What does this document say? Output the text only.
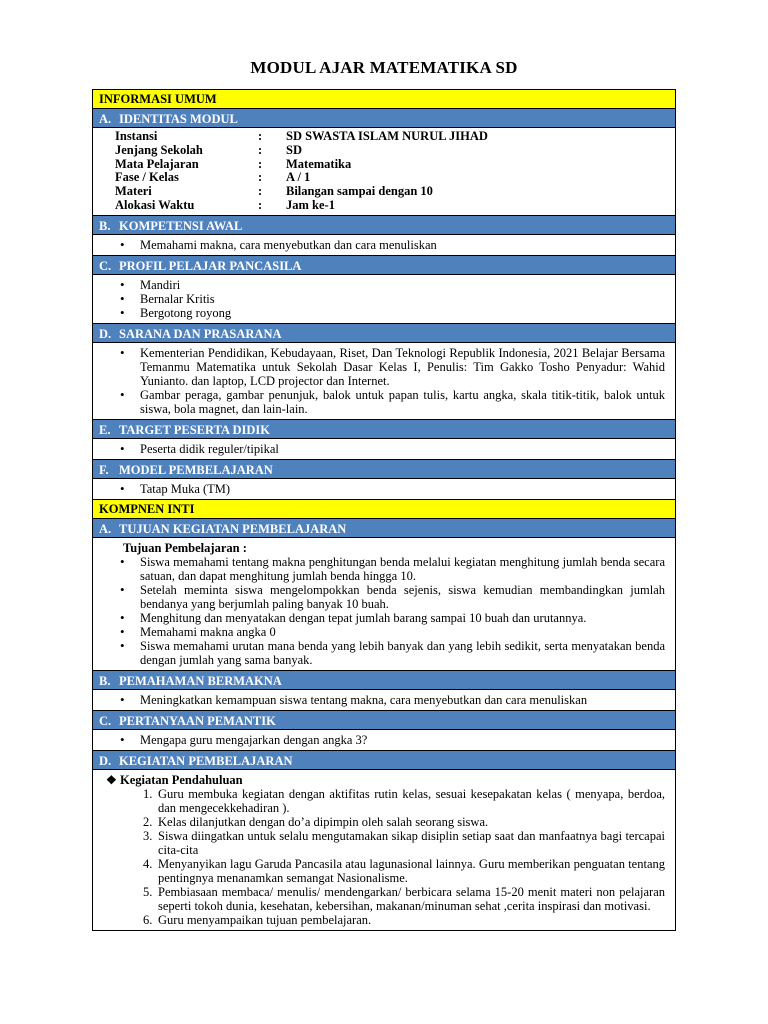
MODUL AJAR MATEMATIKA SD
INFORMASI UMUM
A. IDENTITAS MODUL
Instansi	:	SD SWASTA ISLAM NURUL JIHAD
Jenjang Sekolah	:	SD
Mata Pelajaran	:	Matematika
Fase / Kelas	:	A / 1
Materi	:	Bilangan sampai dengan 10
Alokasi Waktu	:	Jam ke-1
B. KOMPETENSI AWAL
• Memahami makna, cara menyebutkan dan cara menuliskan
C. PROFIL PELAJAR PANCASILA
• Mandiri
• Bernalar Kritis
• Bergotong royong
D. SARANA DAN PRASARANA
• Kementerian Pendidikan, Kebudayaan, Riset, Dan Teknologi Republik Indonesia, 2021 Belajar Bersama Temanmu Matematika untuk Sekolah Dasar Kelas I, Penulis: Tim Gakko Tosho Penyadur: Wahid Yunianto. dan laptop, LCD projector dan Internet.
• Gambar peraga, gambar penunjuk, balok untuk papan tulis, kartu angka, skala titik-titik, balok untuk siswa, bola magnet, dan lain-lain.
E. TARGET PESERTA DIDIK
• Peserta didik reguler/tipikal
F. MODEL PEMBELAJARAN
• Tatap Muka (TM)
KOMPNEN INTI
A. TUJUAN KEGIATAN PEMBELAJARAN
Tujuan Pembelajaran :
• Siswa memahami tentang makna penghitungan benda melalui kegiatan menghitung jumlah benda secara satuan, dan dapat menghitung jumlah benda hingga 10.
• Setelah meminta siswa mengelompokkan benda sejenis, siswa kemudian membandingkan jumlah bendanya yang berjumlah paling banyak 10 buah.
• Menghitung dan menyatakan dengan tepat jumlah barang sampai 10 buah dan urutannya.
• Memahami makna angka 0
• Siswa memahami urutan mana benda yang lebih banyak dan yang lebih sedikit, serta menyatakan benda dengan jumlah yang sama banyak.
B. PEMAHAMAN BERMAKNA
• Meningkatkan kemampuan siswa tentang makna, cara menyebutkan dan cara menuliskan
C. PERTANYAAN PEMANTIK
• Mengapa guru mengajarkan dengan angka 3?
D. KEGIATAN PEMBELAJARAN
❖ Kegiatan Pendahuluan
1. Guru membuka kegiatan dengan aktifitas rutin kelas, sesuai kesepakatan kelas ( menyapa, berdoa, dan mengecekkehadiran ).
2. Kelas dilanjutkan dengan do’a dipimpin oleh salah seorang siswa.
3. Siswa diingatkan untuk selalu mengutamakan sikap disiplin setiap saat dan manfaatnya bagi tercapai cita-cita
4. Menyanyikan lagu Garuda Pancasila atau lagunasional lainnya. Guru memberikan penguatan tentang pentingnya menanamkan semangat Nasionalisme.
5. Pembiasaan membaca/ menulis/ mendengarkan/ berbicara selama 15-20 menit materi non pelajaran seperti tokoh dunia, kesehatan, kebersihan, makanan/minuman sehat ,cerita inspirasi dan motivasi.
6. Guru menyampaikan tujuan pembelajaran.
